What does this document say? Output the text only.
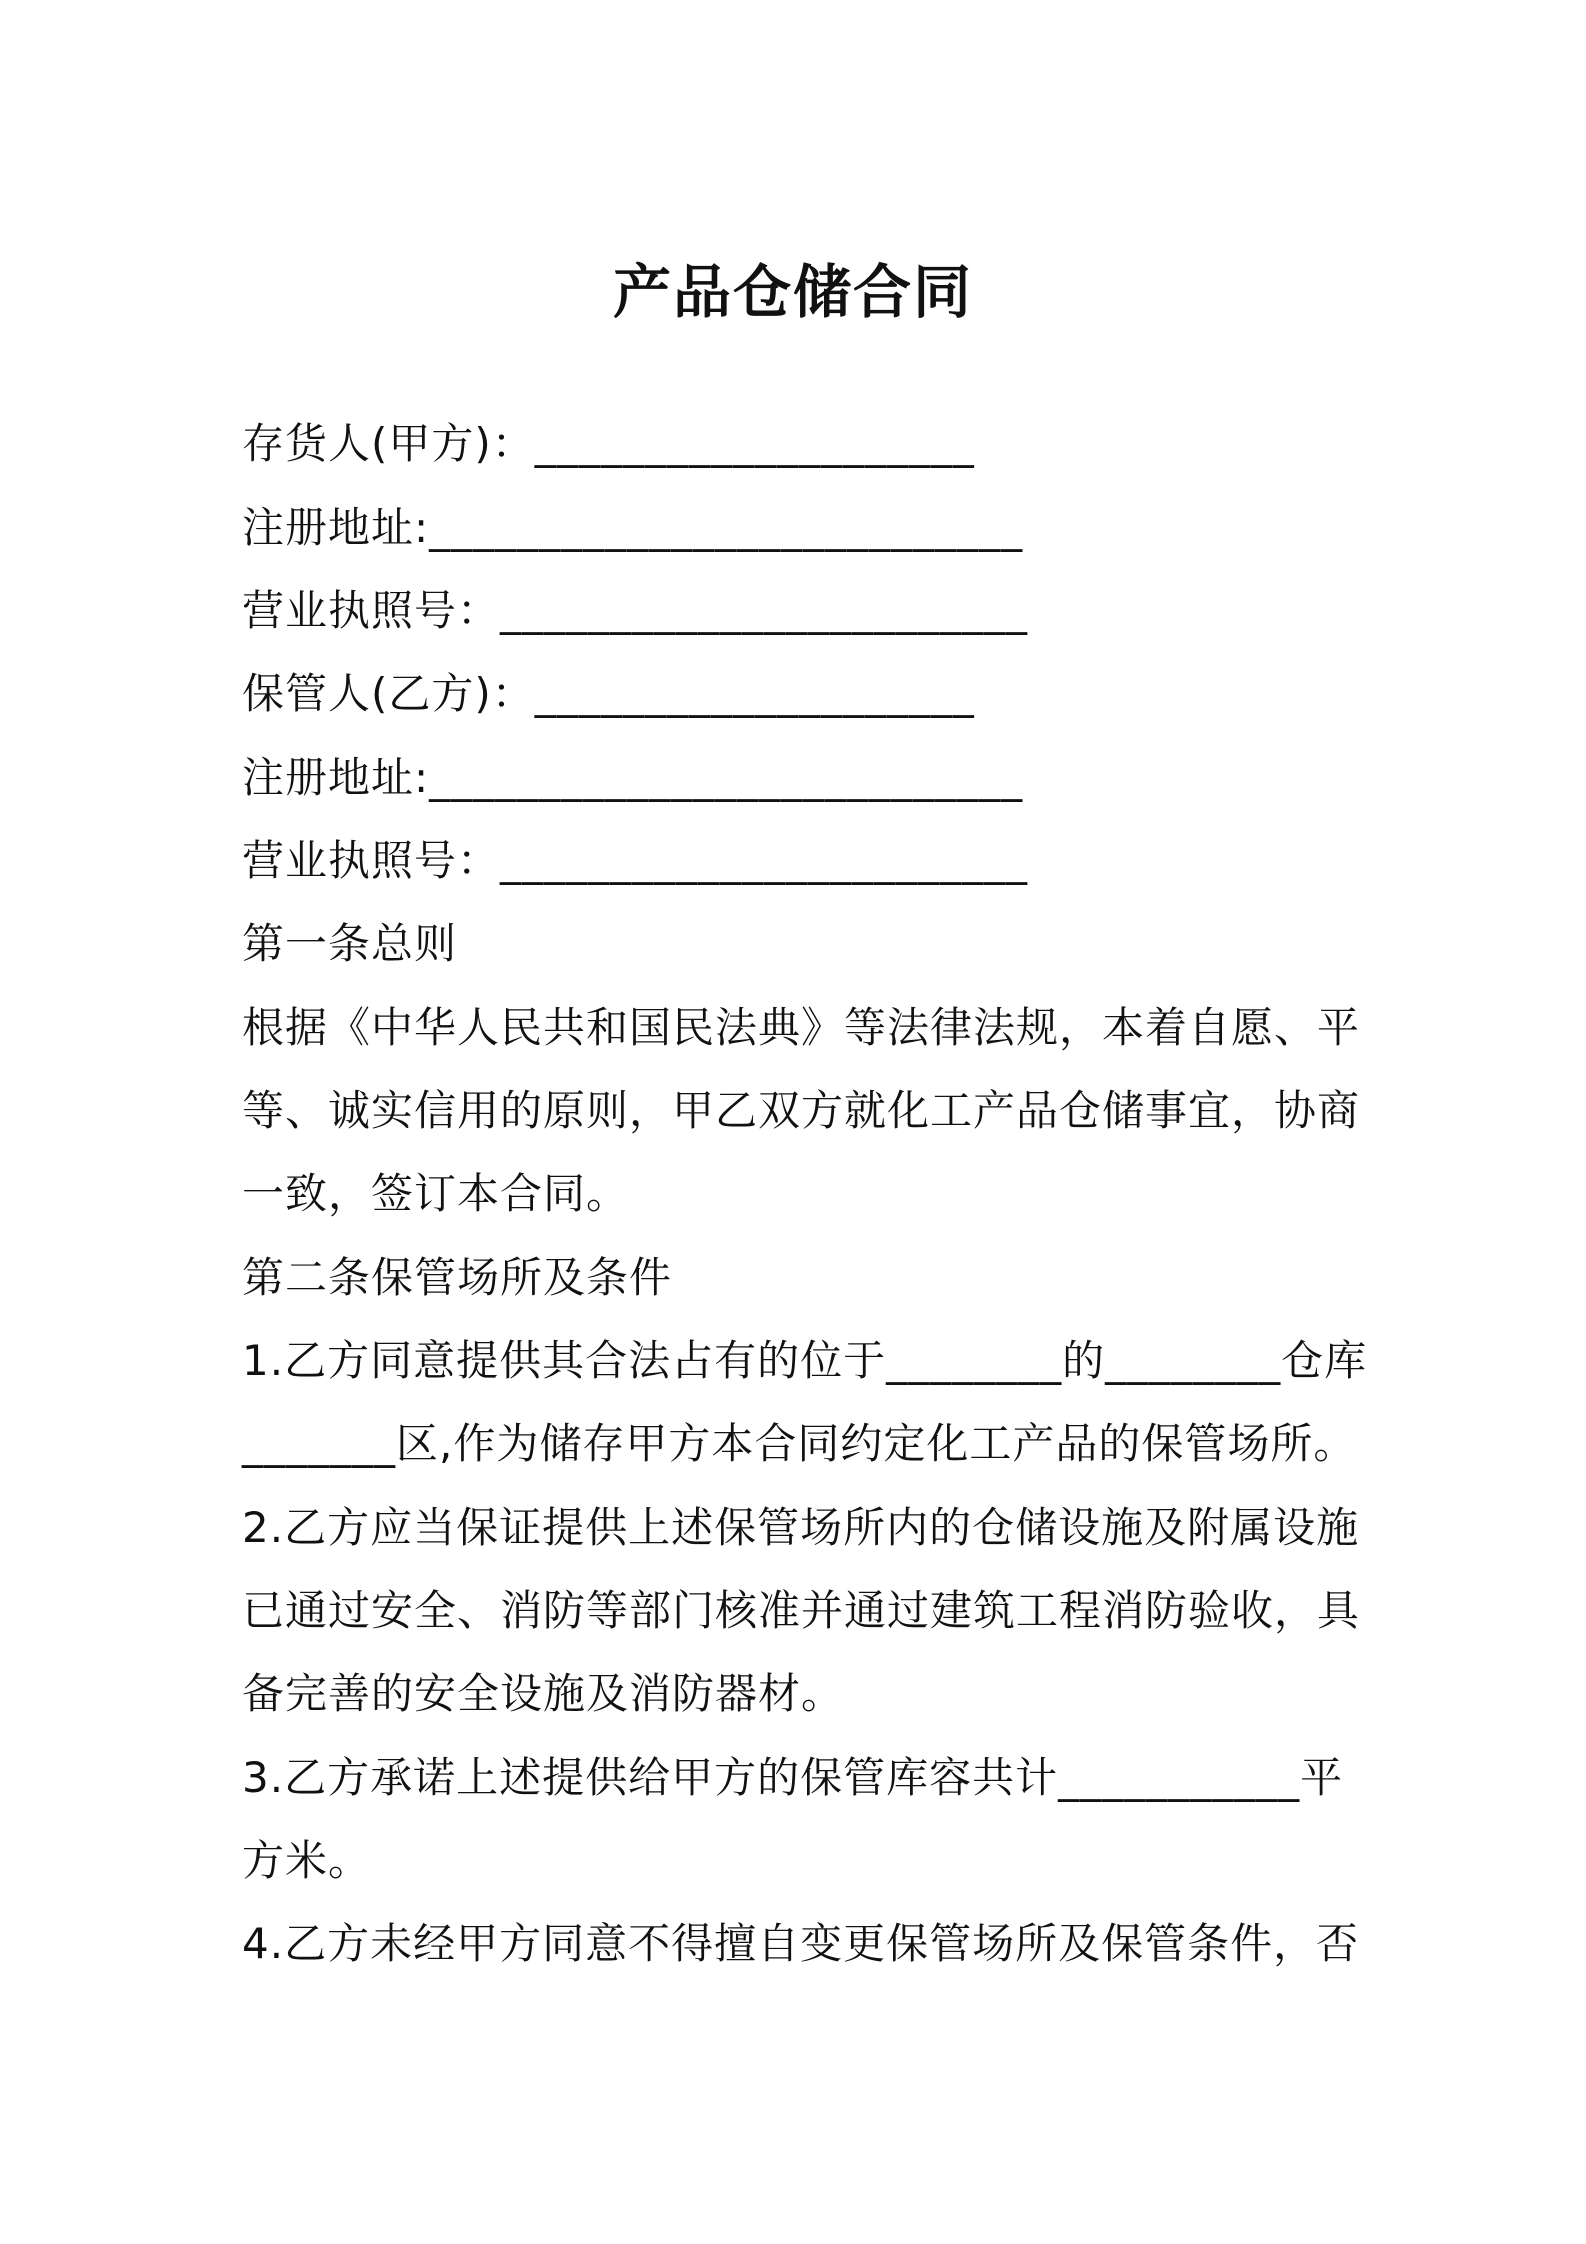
产品仓储合同
存货人(甲方)：____________________
注册地址:___________________________
营业执照号：________________________
保管人(乙方)：____________________
注册地址:___________________________
营业执照号：________________________
第一条总则
根据《中华人民共和国民法典》等法律法规，本着自愿、平
等、诚实信用的原则，甲乙双方就化工产品仓储事宜，协商
一致，签订本合同。
第二条保管场所及条件
1.乙方同意提供其合法占有的位于________的________仓库
_______区,作为储存甲方本合同约定化工产品的保管场所。
2.乙方应当保证提供上述保管场所内的仓储设施及附属设施
已通过安全、消防等部门核准并通过建筑工程消防验收，具
备完善的安全设施及消防器材。
3.乙方承诺上述提供给甲方的保管库容共计___________平
方米。
4.乙方未经甲方同意不得擅自变更保管场所及保管条件，否
